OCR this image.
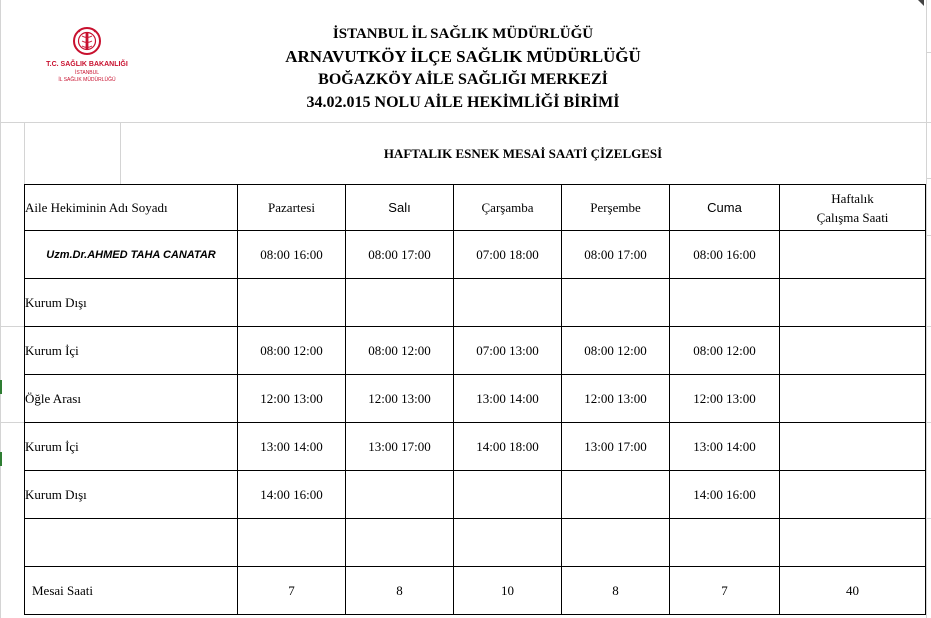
T.C. SAĞLIK BAKANLIĞI
İSTANBUL
İL SAĞLIK MÜDÜRLÜĞÜ
İSTANBUL İL SAĞLIK MÜDÜRLÜĞÜ
ARNAVUTKÖY İLÇE SAĞLIK MÜDÜRLÜĞÜ
BOĞAZKÖY AİLE SAĞLIĞI MERKEZİ
34.02.015 NOLU AİLE HEKİMLİĞİ BİRİMİ
HAFTALIK ESNEK MESAİ SAATİ ÇİZELGESİ
Aile Hekiminin Adı Soyadı	Pazartesi	Salı	Çarşamba	Perşembe	Cuma	Haftalık
Çalışma Saati

Uzm.Dr.AHMED TAHA CANATAR	08:00 16:00	08:00 17:00	07:00 18:00	08:00 17:00	08:00 16:00	
Kurum Dışı						
Kurum İçi	08:00 12:00	08:00 12:00	07:00 13:00	08:00 12:00	08:00 12:00	
Öğle Arası	12:00 13:00	12:00 13:00	13:00 14:00	12:00 13:00	12:00 13:00	
Kurum İçi	13:00 14:00	13:00 17:00	14:00 18:00	13:00 17:00	13:00 14:00	
Kurum Dışı	14:00 16:00				14:00 16:00	

Mesai Saati	7	8	10	8	7	40
